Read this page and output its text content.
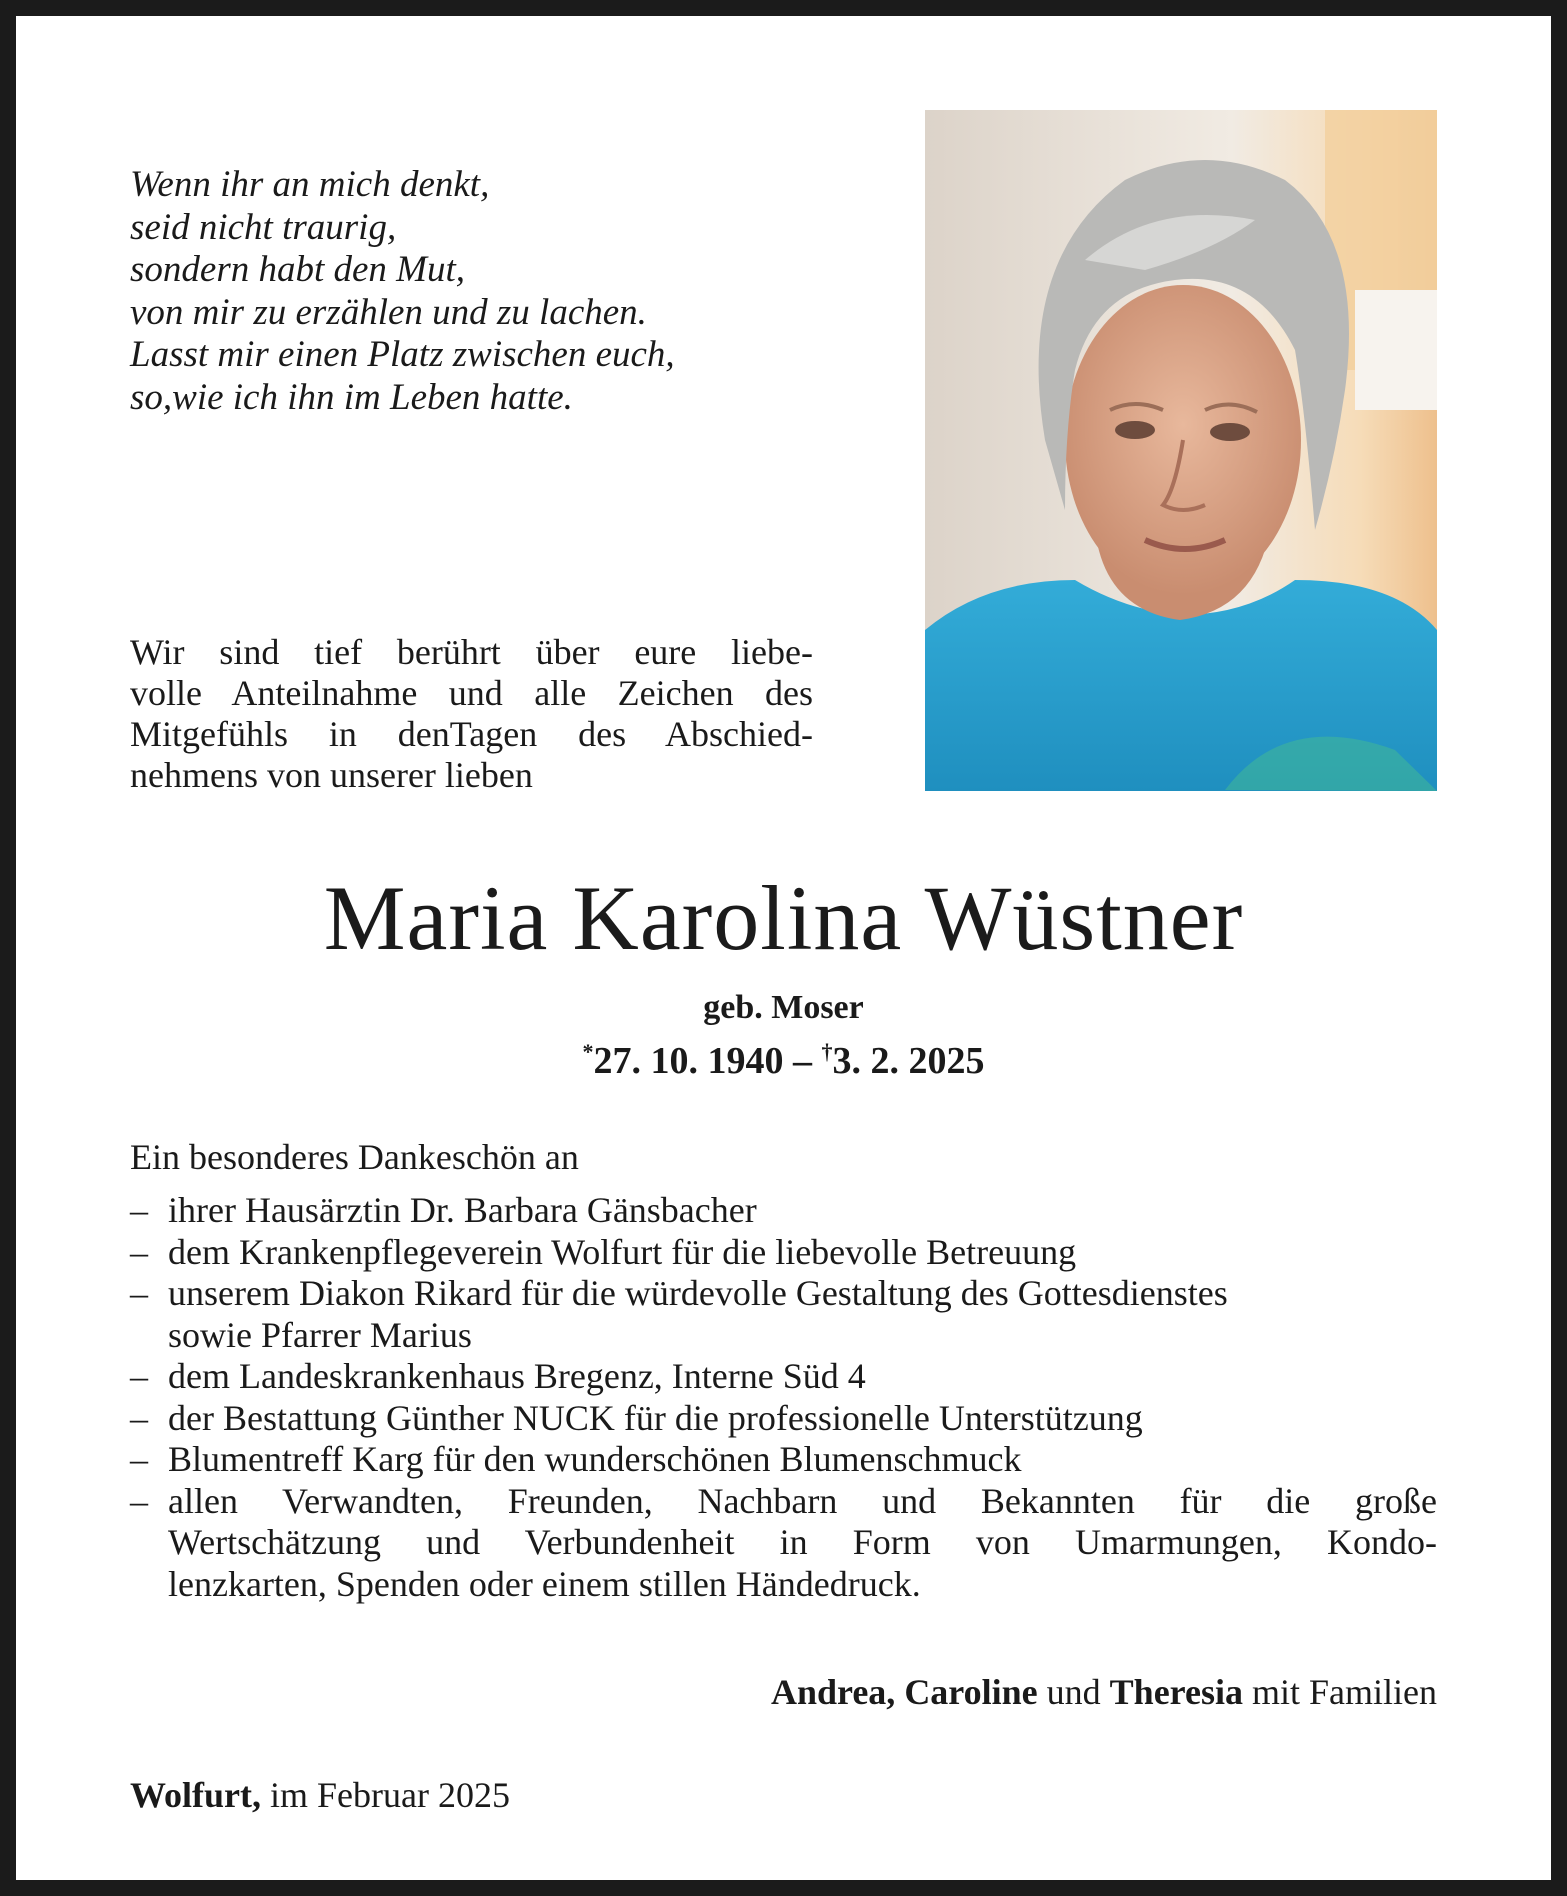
Wenn ihr an mich denkt,
seid nicht traurig,
sondern habt den Mut,
von mir zu erzählen und zu lachen.
Lasst mir einen Platz zwischen euch,
so,wie ich ihn im Leben hatte.
Wir sind tief berührt über eure liebe-
volle Anteilnahme und alle Zeichen des
Mitgefühls in denTagen des Abschied-
nehmens von unserer lieben
Maria Karolina Wüstner
geb. Moser
*27. 10. 1940 – †3. 2. 2025
Ein besonderes Dankeschön an
– ihrer Hausärztin Dr. Barbara Gänsbacher
– dem Krankenpflegeverein Wolfurt für die liebevolle Betreuung
– unserem Diakon Rikard für die würdevolle Gestaltung des Gottesdienstes
sowie Pfarrer Marius
– dem Landeskrankenhaus Bregenz, Interne Süd 4
– der Bestattung Günther NUCK für die professionelle Unterstützung
– Blumentreff Karg für den wunderschönen Blumenschmuck
– allen Verwandten, Freunden, Nachbarn und Bekannten für die große
Wertschätzung und Verbundenheit in Form von Umarmungen, Kondo-
lenzkarten, Spenden oder einem stillen Händedruck.
Andrea, Caroline und Theresia mit Familien
Wolfurt, im Februar 2025
